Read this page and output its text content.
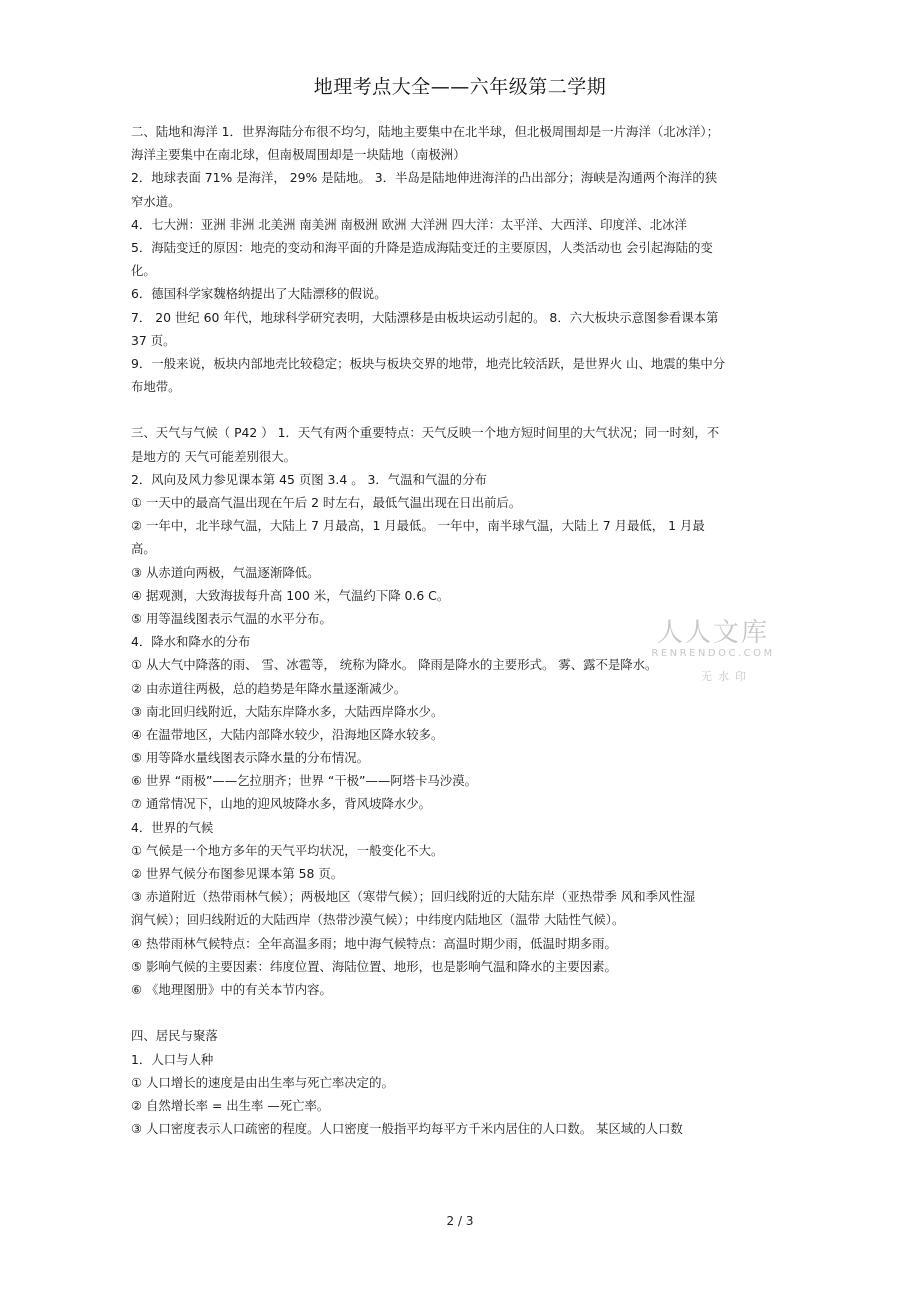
地理考点大全——六年级第二学期
二、陆地和海洋 1．世界海陆分布很不均匀，陆地主要集中在北半球，但北极周围却是一片海洋（北冰洋）；
海洋主要集中在南北球，但南极周围却是一块陆地（南极洲）
2．地球表面 71% 是海洋， 29% 是陆地。 3．半岛是陆地伸进海洋的凸出部分；海峡是沟通两个海洋的狭
窄水道。
4．七大洲：亚洲 非洲 北美洲 南美洲 南极洲 欧洲 大洋洲 四大洋：太平洋、大西洋、印度洋、北冰洋
5．海陆变迁的原因：地壳的变动和海平面的升降是造成海陆变迁的主要原因，人类活动也 会引起海陆的变
化。
6．德国科学家魏格纳提出了大陆漂移的假说。
7． 20 世纪 60 年代，地球科学研究表明，大陆漂移是由板块运动引起的。 8．六大板块示意图参看课本第
37 页。
9．一般来说，板块内部地壳比较稳定；板块与板块交界的地带，地壳比较活跃，是世界火 山、地震的集中分
布地带。
三、天气与气候（ P42 ） 1．天气有两个重要特点：天气反映一个地方短时间里的大气状况；同一时刻，不
是地方的 天气可能差别很大。
2．风向及风力参见课本第 45 页图 3.4 。 3．气温和气温的分布
① 一天中的最高气温出现在午后 2 时左右，最低气温出现在日出前后。
② 一年中，北半球气温，大陆上 7 月最高，1 月最低。 一年中，南半球气温，大陆上 7 月最低， 1 月最
高。
③ 从赤道向两极，气温逐渐降低。
④ 据观测，大致海拔每升高 100 米，气温约下降 0.6 C。
⑤ 用等温线图表示气温的水平分布。
4．降水和降水的分布
① 从大气中降落的雨、 雪、冰雹等， 统称为降水。 降雨是降水的主要形式。 雾、露不是降水。
② 由赤道往两极，总的趋势是年降水量逐渐减少。
③ 南北回归线附近，大陆东岸降水多，大陆西岸降水少。
④ 在温带地区，大陆内部降水较少，沿海地区降水较多。
⑤ 用等降水量线图表示降水量的分布情况。
⑥ 世界 “雨极”——乞拉朋齐；世界 “干极”——阿塔卡马沙漠。
⑦ 通常情况下，山地的迎风坡降水多，背风坡降水少。
4．世界的气候
① 气候是一个地方多年的天气平均状况，一般变化不大。
② 世界气候分布图参见课本第 58 页。
③ 赤道附近（热带雨林气候）；两极地区（寒带气候）；回归线附近的大陆东岸（亚热带季 风和季风性湿
润气候）；回归线附近的大陆西岸（热带沙漠气候）；中纬度内陆地区（温带 大陆性气候）。
④ 热带雨林气候特点：全年高温多雨；地中海气候特点：高温时期少雨，低温时期多雨。
⑤ 影响气候的主要因素：纬度位置、海陆位置、地形，也是影响气温和降水的主要因素。
⑥ 《地理图册》中的有关本节内容。
四、居民与聚落
1．人口与人种
① 人口增长的速度是由出生率与死亡率决定的。
② 自然增长率 = 出生率 —死亡率。
③ 人口密度表示人口疏密的程度。人口密度一般指平均每平方千米内居住的人口数。 某区域的人口数
人人文库
RENRENDOC.COM
无水印
2 / 3
